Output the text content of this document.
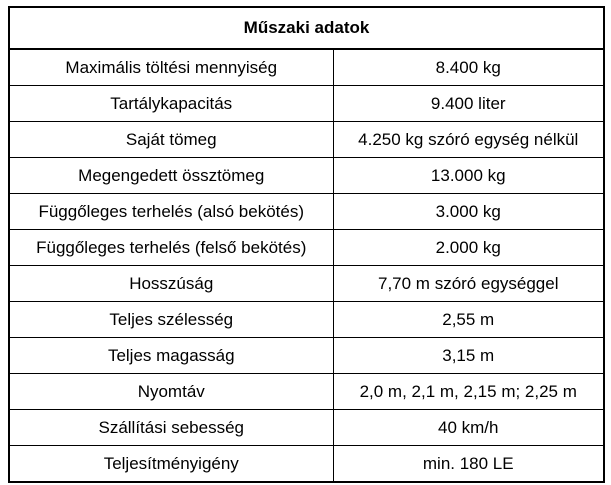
Műszaki adatok	
Maximális töltési mennyiség	8.400 kg
Tartálykapacitás	9.400 liter
Saját tömeg	4.250 kg szóró egység nélkül
Megengedett össztömeg	13.000 kg
Függőleges terhelés (alsó bekötés)	3.000 kg
Függőleges terhelés (felső bekötés)	2.000 kg
Hosszúság	7,70 m szóró egységgel
Teljes szélesség	2,55 m
Teljes magasság	3,15 m
Nyomtáv	2,0 m, 2,1 m, 2,15 m; 2,25 m
Szállítási sebesség	40 km/h
Teljesítményigény	min. 180 LE
